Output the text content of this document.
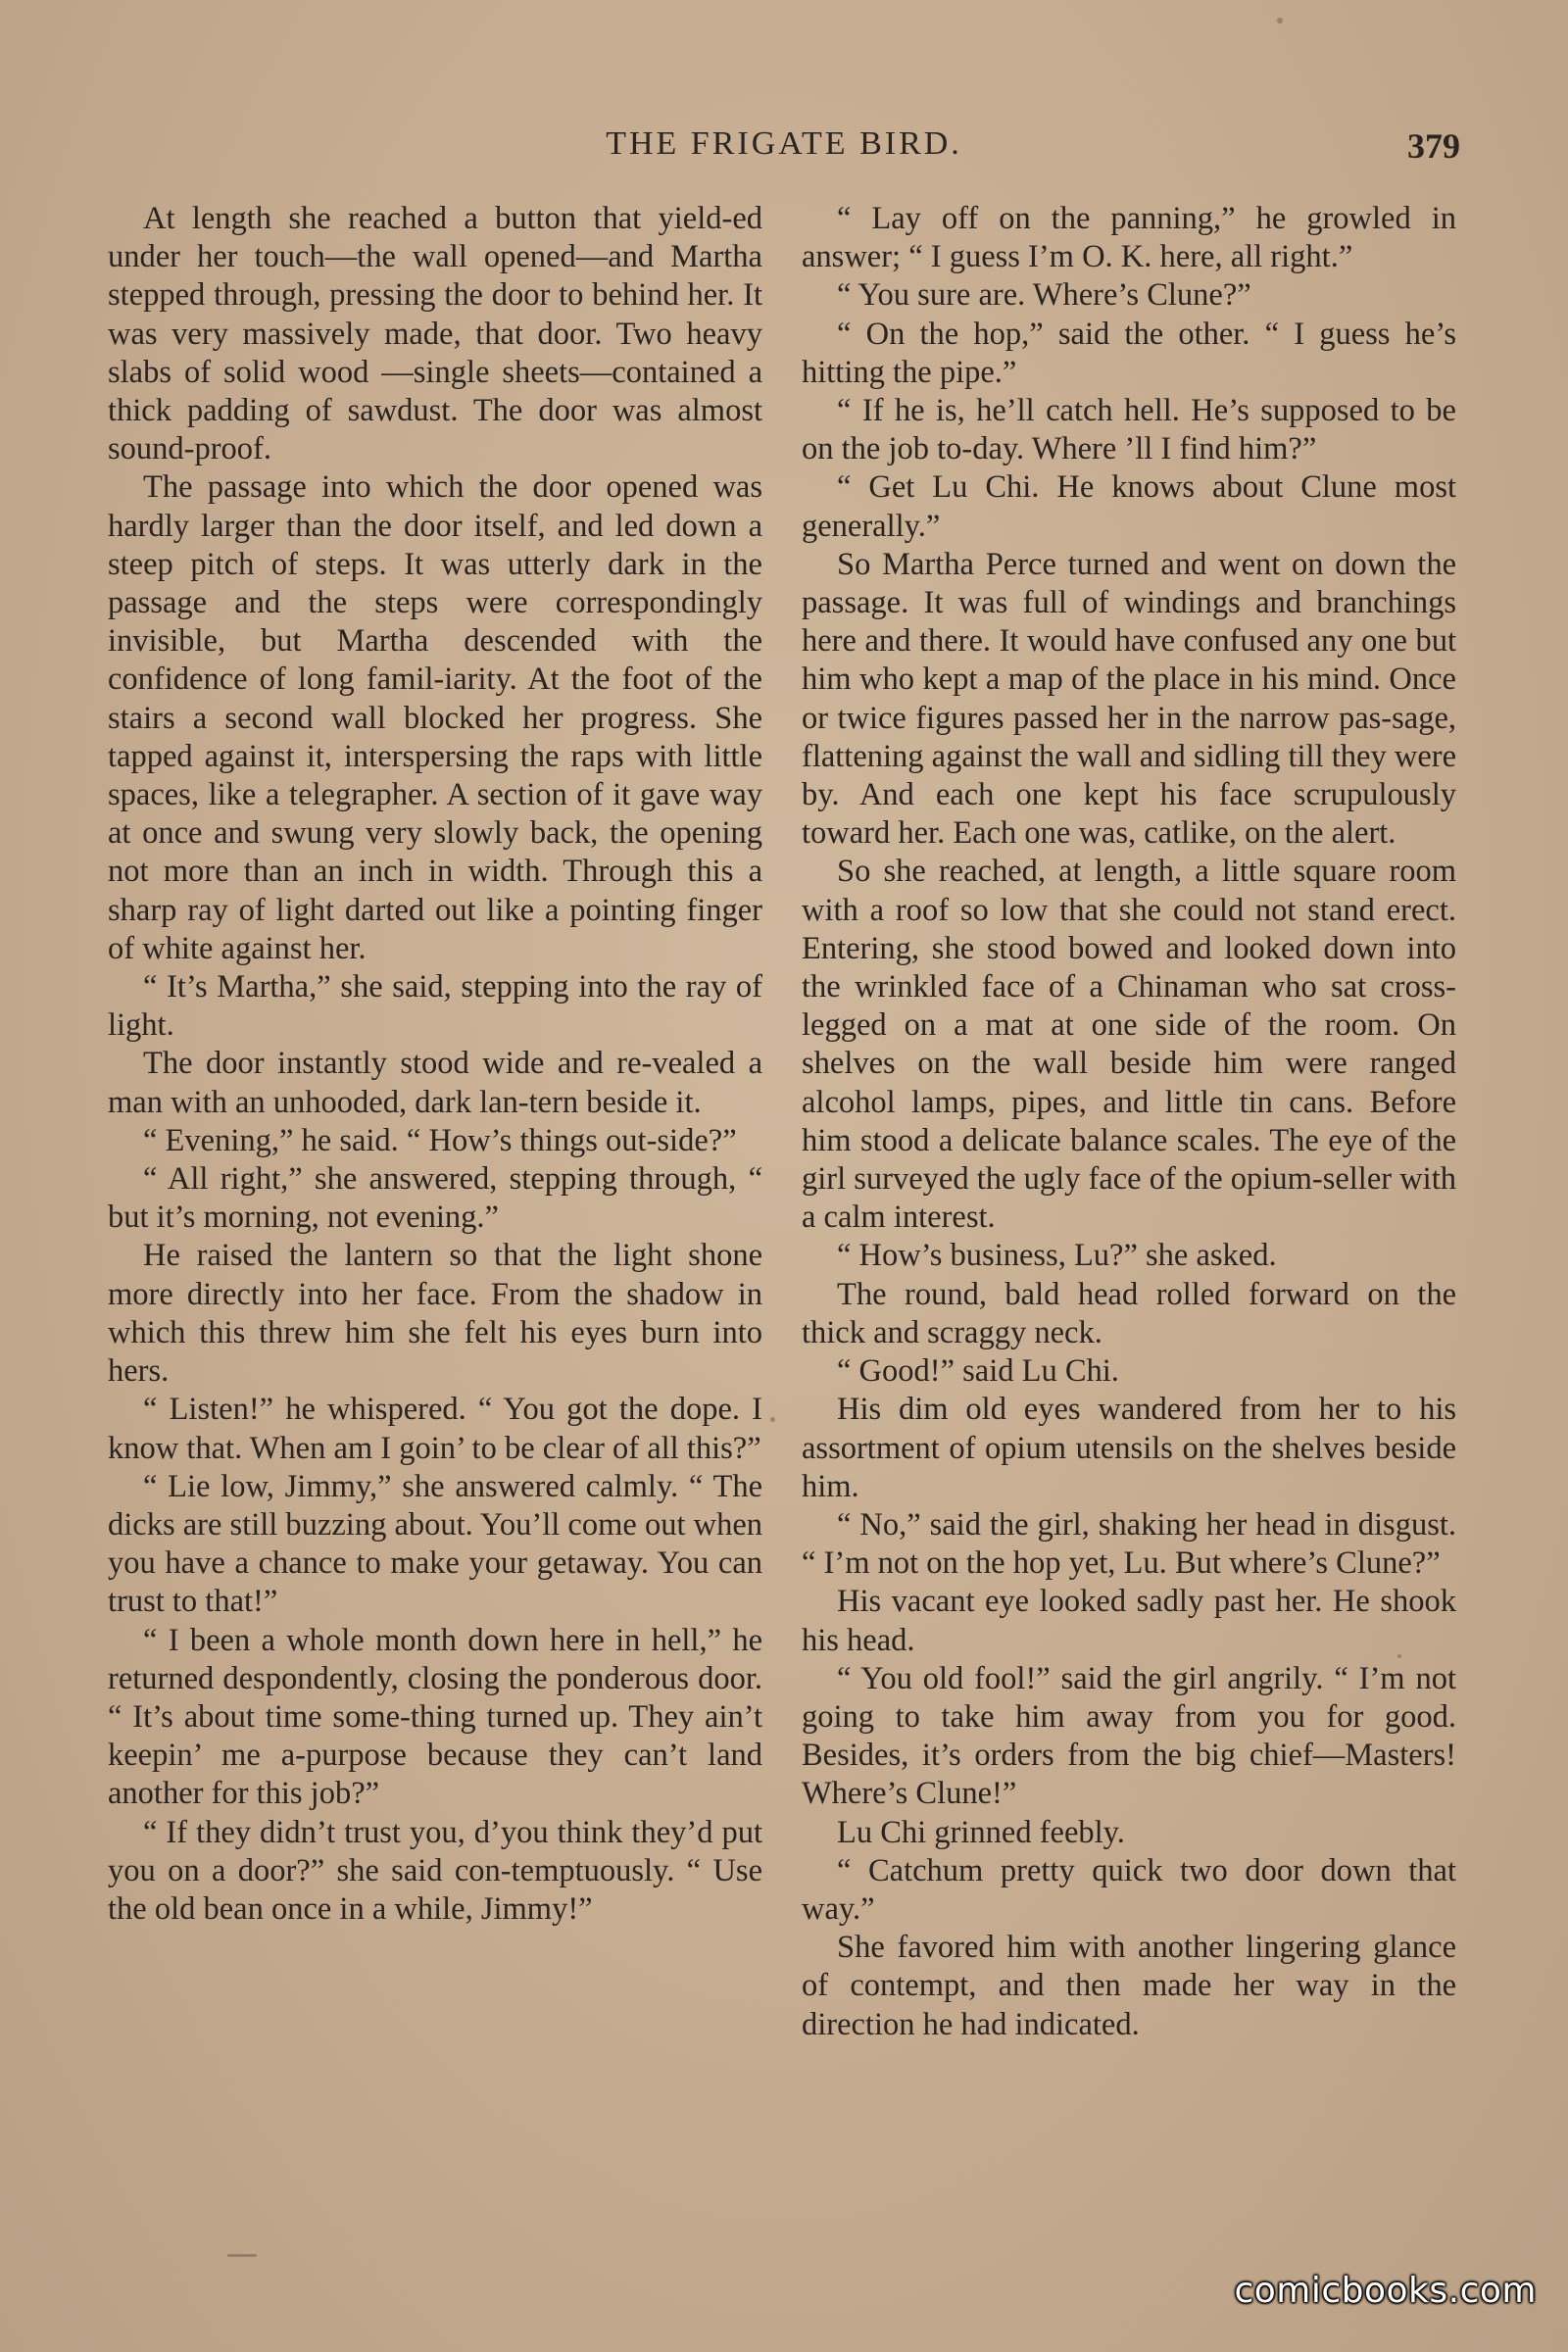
THE FRIGATE BIRD.	379

At length she reached a button that yield-ed under her touch—the wall opened—and Martha stepped through, pressing the door to behind her. It was very massively made, that door. Two heavy slabs of solid wood —single sheets—contained a thick padding of sawdust. The door was almost sound-proof.

The passage into which the door opened was hardly larger than the door itself, and led down a steep pitch of steps. It was utterly dark in the passage and the steps were correspondingly invisible, but Martha descended with the confidence of long famil-iarity. At the foot of the stairs a second wall blocked her progress. She tapped against it, interspersing the raps with little spaces, like a telegrapher. A section of it gave way at once and swung very slowly back, the opening not more than an inch in width. Through this a sharp ray of light darted out like a pointing finger of white against her.

“ It’s Martha,” she said, stepping into the ray of light.

The door instantly stood wide and re-vealed a man with an unhooded, dark lan-tern beside it.

“ Evening,” he said. “ How’s things out-side?”

“ All right,” she answered, stepping through, “ but it’s morning, not evening.”

He raised the lantern so that the light shone more directly into her face. From the shadow in which this threw him she felt his eyes burn into hers.

“ Listen!” he whispered. “ You got the dope. I know that. When am I goin’ to be clear of all this?”

“ Lie low, Jimmy,” she answered calmly. “ The dicks are still buzzing about. You’ll come out when you have a chance to make your getaway. You can trust to that!”

“ I been a whole month down here in hell,” he returned despondently, closing the ponderous door. “ It’s about time some-thing turned up. They ain’t keepin’ me a-purpose because they can’t land another for this job?”

“ If they didn’t trust you, d’you think they’d put you on a door?” she said con-temptuously. “ Use the old bean once in a while, Jimmy!”

“ Lay off on the panning,” he growled in answer; “ I guess I’m O. K. here, all right.”

“ You sure are. Where’s Clune?”

“ On the hop,” said the other. “ I guess he’s hitting the pipe.”

“ If he is, he’ll catch hell. He’s supposed to be on the job to-day. Where ’ll I find him?”

“ Get Lu Chi. He knows about Clune most generally.”

So Martha Perce turned and went on down the passage. It was full of windings and branchings here and there. It would have confused any one but him who kept a map of the place in his mind. Once or twice figures passed her in the narrow pas-sage, flattening against the wall and sidling till they were by. And each one kept his face scrupulously toward her. Each one was, catlike, on the alert.

So she reached, at length, a little square room with a roof so low that she could not stand erect. Entering, she stood bowed and looked down into the wrinkled face of a Chinaman who sat cross-legged on a mat at one side of the room. On shelves on the wall beside him were ranged alcohol lamps, pipes, and little tin cans. Before him stood a delicate balance scales. The eye of the girl surveyed the ugly face of the opium-seller with a calm interest.

“ How’s business, Lu?” she asked.

The round, bald head rolled forward on the thick and scraggy neck.

“ Good!” said Lu Chi.

His dim old eyes wandered from her to his assortment of opium utensils on the shelves beside him.

“ No,” said the girl, shaking her head in disgust. “ I’m not on the hop yet, Lu. But where’s Clune?”

His vacant eye looked sadly past her. He shook his head.

“ You old fool!” said the girl angrily. “ I’m not going to take him away from you for good. Besides, it’s orders from the big chief—Masters! Where’s Clune!”

Lu Chi grinned feebly.

“ Catchum pretty quick two door down that way.”

She favored him with another lingering glance of contempt, and then made her way in the direction he had indicated.

comicbooks.com
